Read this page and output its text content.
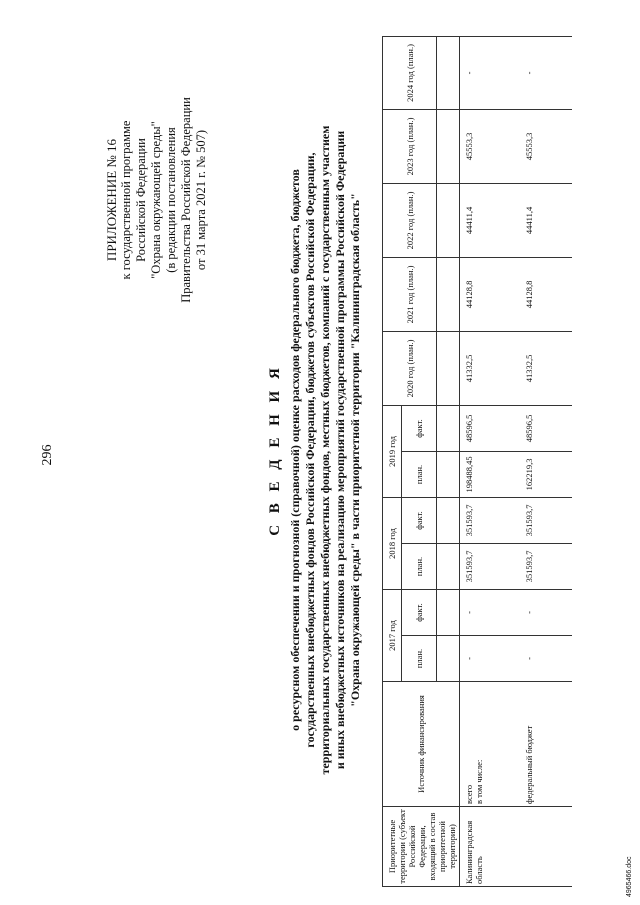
296
ПРИЛОЖЕНИЕ № 16 к государственной программе Российской Федерации "Охрана окружающей среды" (в редакции постановления Правительства Российской Федерации от 31 марта 2021 г. № 507)
С В Е Д Е Н И Я о ресурсном обеспечении и прогнозной (справочной) оценке расходов федерального бюджета, бюджетов государственных внебюджетных фондов Российской Федерации, бюджетов субъектов Российской Федерации, территориальных государственных внебюджетных фондов, местных бюджетов, компаний с государственным участием и иных внебюджетных источников на реализацию мероприятий государственной программы Российской Федерации "Охрана окружающей среды" в части приоритетной территории "Калининградская область"
Приоритетные территории (субъект Российской Федерации, входящий в состав приоритетной территории)	Источник финансирования	2017 год		2018 год		2019 год		2020 год (план.)	2021 год (план.)	2022 год (план.)	2023 год (план.)	2024 год (план.)
		план.	факт.	план.	факт.	план.	факт.					

Калининградская область	всего в том числе:	-	-	351593,7	351593,7	198488,45	48596,5	41332,5	44128,8	44411,4	45553,3	-

	федеральный бюджет	-	-	351593,7	351593,7	162219,3	48596,5	41332,5	44128,8	44411,4	45553,3	-
4965466.doc
